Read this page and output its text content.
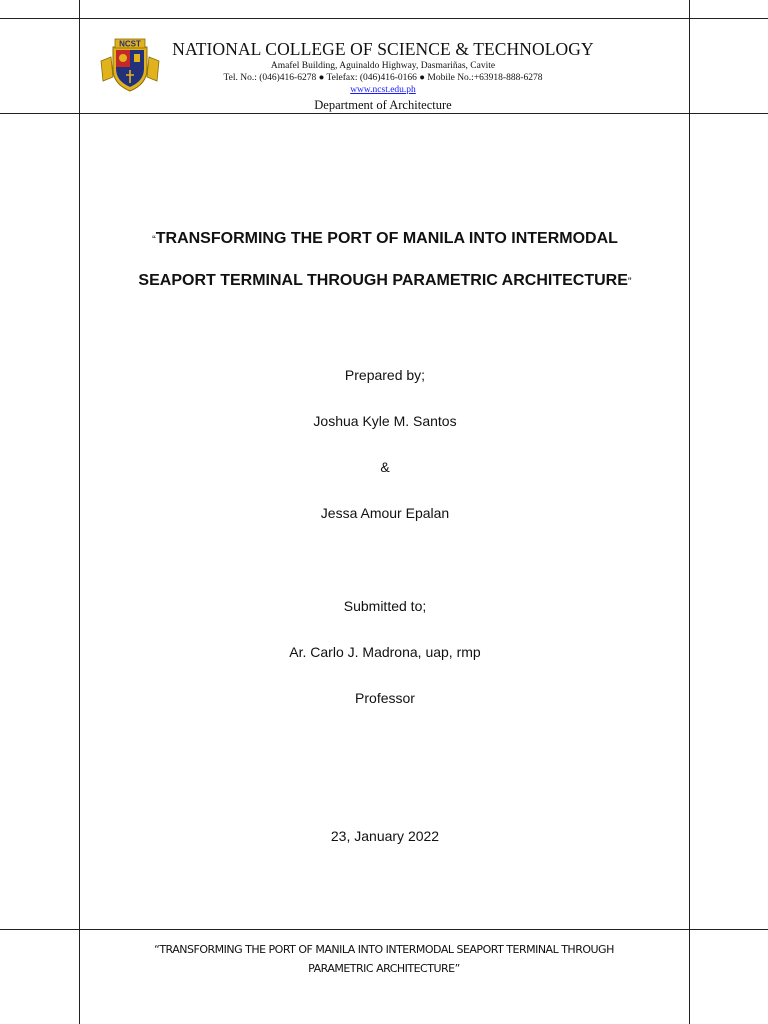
NCST	NATIONAL COLLEGE OF SCIENCE & TECHNOLOGY
Amafel Building, Aguinaldo Highway, Dasmariñas, Cavite
Tel. No.: (046)416-6278 ● Telefax: (046)416-0166 ● Mobile No.:+63918-888-6278
www.ncst.edu.ph
Department of Architecture
“TRANSFORMING THE PORT OF MANILA INTO INTERMODAL
SEAPORT TERMINAL THROUGH PARAMETRIC ARCHITECTURE”
Prepared by;
Joshua Kyle M. Santos
&
Jessa Amour Epalan
Submitted to;
Ar. Carlo J. Madrona, uap, rmp
Professor
23, January 2022
“TRANSFORMING THE PORT OF MANILA INTO INTERMODAL SEAPORT TERMINAL THROUGH
PARAMETRIC ARCHITECTURE”
